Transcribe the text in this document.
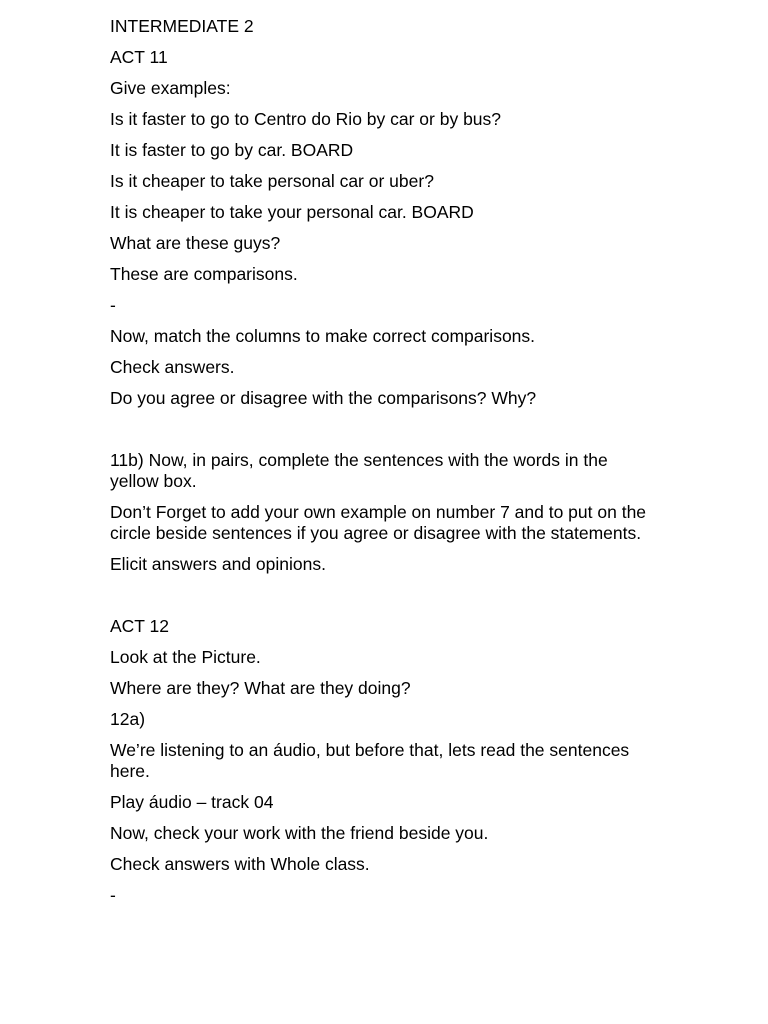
INTERMEDIATE 2

ACT 11

Give examples:

Is it faster to go to Centro do Rio by car or by bus?

It is faster to go by car. BOARD

Is it cheaper to take personal car or uber?

It is cheaper to take your personal car. BOARD

What are these guys?

These are comparisons.

-

Now, match the columns to make correct comparisons.

Check answers.

Do you agree or disagree with the comparisons? Why?

11b) Now, in pairs, complete the sentences with the words in the yellow box.

Don’t Forget to add your own example on number 7 and to put on the circle beside sentences if you agree or disagree with the statements.

Elicit answers and opinions.

ACT 12

Look at the Picture.

Where are they? What are they doing?

12a)

We’re listening to an áudio, but before that, lets read the sentences here.

Play áudio – track 04

Now, check your work with the friend beside you.

Check answers with Whole class.

-
